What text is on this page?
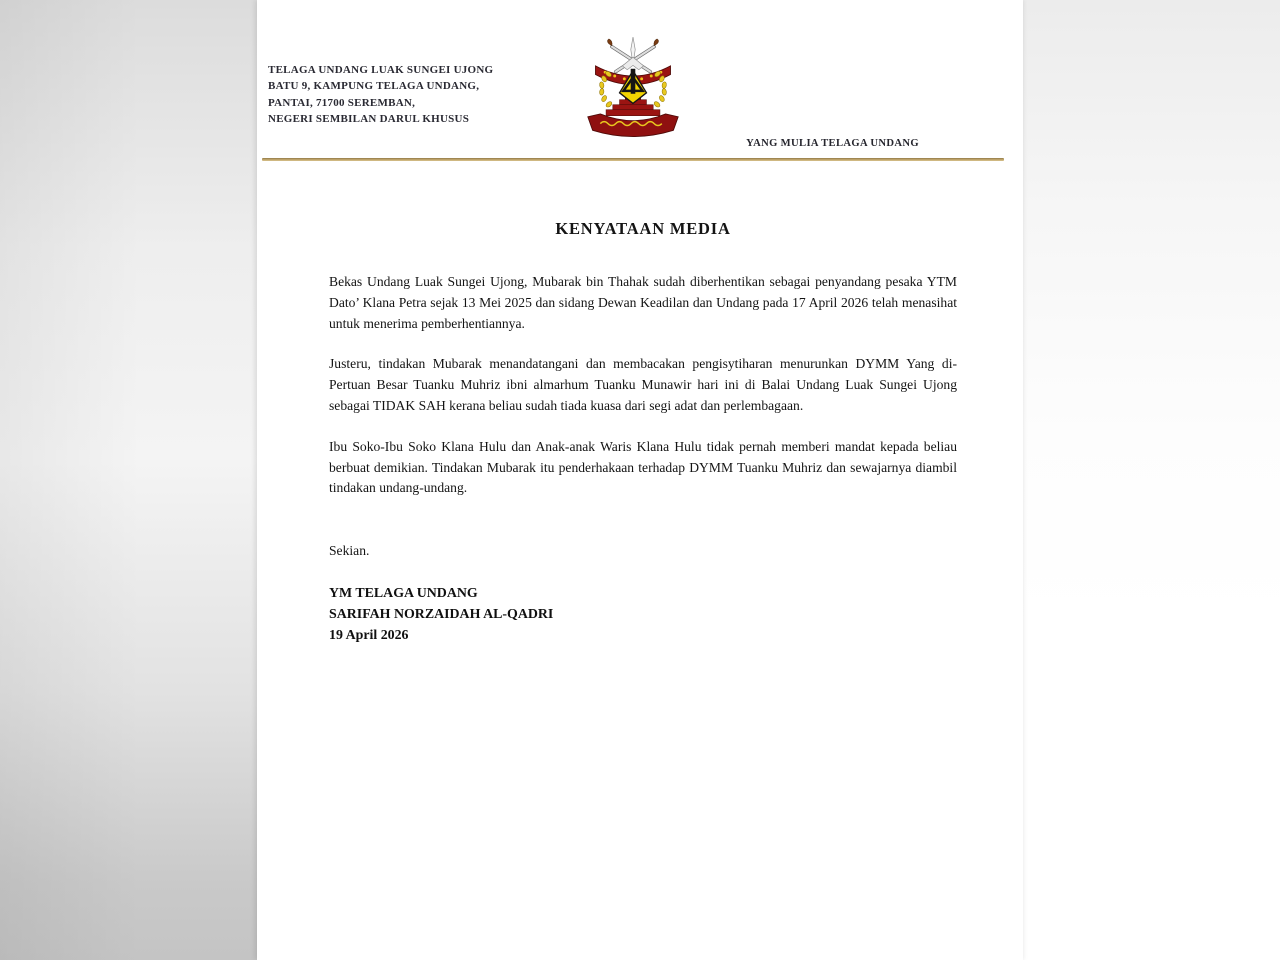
TELAGA UNDANG LUAK SUNGEI UJONG
BATU 9, KAMPUNG TELAGA UNDANG,
PANTAI, 71700 SEREMBAN,
NEGERI SEMBILAN DARUL KHUSUS
YANG MULIA TELAGA UNDANG
KENYATAAN MEDIA

Bekas Undang Luak Sungei Ujong, Mubarak bin Thahak sudah diberhentikan sebagai penyandang pesaka YTM Dato’ Klana Petra sejak 13 Mei 2025 dan sidang Dewan Keadilan dan Undang pada 17 April 2026 telah menasihat untuk menerima pemberhentiannya.

Justeru, tindakan Mubarak menandatangani dan membacakan pengisytiharan menurunkan DYMM Yang di-Pertuan Besar Tuanku Muhriz ibni almarhum Tuanku Munawir hari ini di Balai Undang Luak Sungei Ujong sebagai TIDAK SAH kerana beliau sudah tiada kuasa dari segi adat dan perlembagaan.

Ibu Soko-Ibu Soko Klana Hulu dan Anak-anak Waris Klana Hulu tidak pernah memberi mandat kepada beliau berbuat demikian. Tindakan Mubarak itu penderhakaan terhadap DYMM Tuanku Muhriz dan sewajarnya diambil tindakan undang-undang.

Sekian.

YM TELAGA UNDANG
SARIFAH NORZAIDAH AL-QADRI
19 April 2026
